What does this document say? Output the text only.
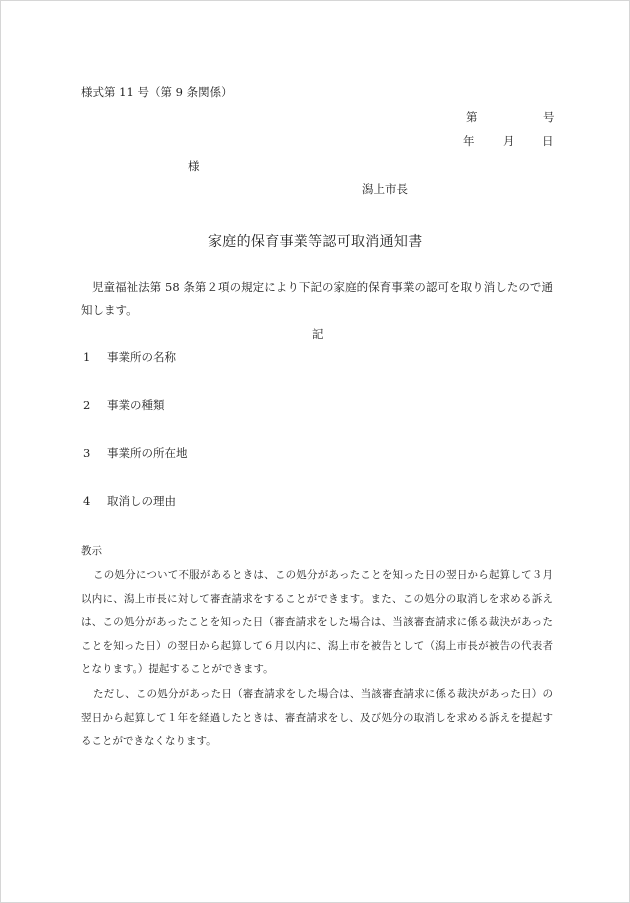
様式第 11 号（第 9 条関係）
第	号
年 月 日
様
潟上市長
家庭的保育事業等認可取消通知書
児童福祉法第 58 条第２項の規定により下記の家庭的保育事業の認可を取り消したので通知します。
記
1 事業所の名称
2 事業の種類
3 事業所の所在地
4 取消しの理由
教示
この処分について不服があるときは、この処分があったことを知った日の翌日から起算して３月以内に、潟上市長に対して審査請求をすることができます。また、この処分の取消しを求める訴えは、この処分があったことを知った日（審査請求をした場合は、当該審査請求に係る裁決があったことを知った日）の翌日から起算して６月以内に、潟上市を被告として（潟上市長が被告の代表者となります。）提起することができます。
ただし、この処分があった日（審査請求をした場合は、当該審査請求に係る裁決があった日）の翌日から起算して１年を経過したときは、審査請求をし、及び処分の取消しを求める訴えを提起することができなくなります。
